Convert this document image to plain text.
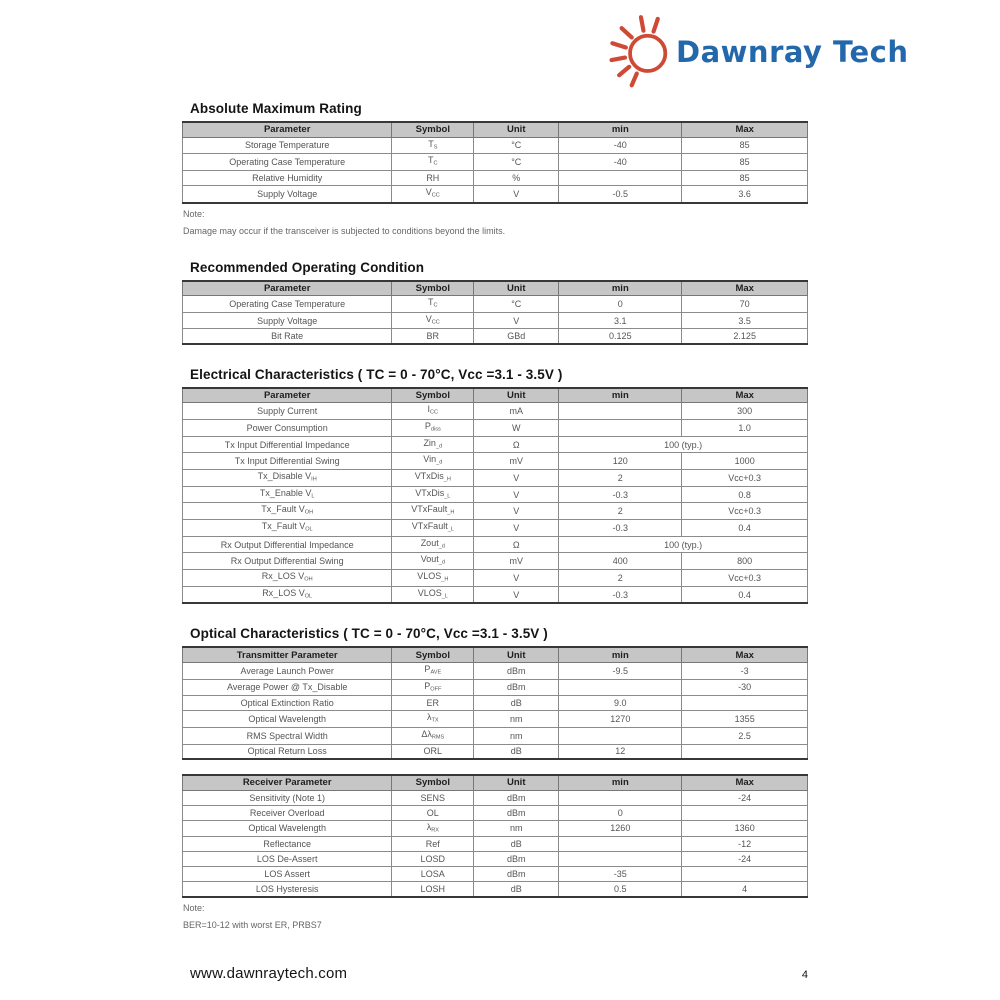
Dawnray Tech
Absolute Maximum Rating
Parameter	Symbol	Unit	min	Max
Storage Temperature	$T_S$	°C	-40	85
Operating Case Temperature	$T_C$	°C	-40	85
Relative Humidity	RH	%		85
Supply Voltage	$V_{CC}$	V	-0.5	3.6

Note:

Damage may occur if the transceiver is subjected to conditions beyond the limits.

Recommended Operating Condition
Parameter	Symbol	Unit	min	Max
Operating Case Temperature	$T_C$	°C	0	70
Supply Voltage	$V_{CC}$	V	3.1	3.5
Bit Rate	BR	GBd	0.125	2.125
Electrical Characteristics ( TC = 0 - 70°C, Vcc =3.1 - 3.5V )
Parameter	Symbol	Unit	min	Max
Supply Current	$I_{CC}$	mA		300
Power Consumption	$P_{diss}$	W		1.0
Tx Input Differential Impedance	Zin$_{\_d}$	Ω	100 (typ.)	
Tx Input Differential Swing	Vin$_{\_d}$	mV	120	1000
Tx_Disable $V_{IH}$	VTxDis$_{\_H}$	V	2	Vcc+0.3
Tx_Enable $V_L$	VTxDis$_{\_L}$	V	-0.3	0.8
Tx_Fault $V_{OH}$	VTxFault$_{\_H}$	V	2	Vcc+0.3
Tx_Fault $V_{OL}$	VTxFault$_{\_L}$	V	-0.3	0.4
Rx Output Differential Impedance	Zout$_{\_d}$	Ω	100 (typ.)	
Rx Output Differential Swing	Vout$_{\_d}$	mV	400	800
Rx_LOS $V_{OH}$	$VLOS_{\_H}$	V	2	Vcc+0.3
Rx_LOS $V_{OL}$	$VLOS_{\_L}$	V	-0.3	0.4
Optical Characteristics ( TC = 0 - 70°C, Vcc =3.1 - 3.5V )
Transmitter Parameter	Symbol	Unit	min	Max
Average Launch Power	$P_{AVE}$	dBm	-9.5	-3
Average Power @ Tx_Disable	$P_{OFF}$	dBm		-30
Optical Extinction Ratio	ER	dB	9.0	
Optical Wavelength	$\lambda_{TX}$	nm	1270	1355
RMS Spectral Width	$\Delta\lambda_{RMS}$	nm		2.5
Optical Return Loss	ORL	dB	12	
Receiver Parameter	Symbol	Unit	min	Max
Sensitivity (Note 1)	SENS	dBm		-24
Receiver Overload	OL	dBm	0	
Optical Wavelength	$\lambda_{RX}$	nm	1260	1360
Reflectance	Ref	dB		-12
LOS De-Assert	LOSD	dBm		-24
LOS Assert	LOSA	dBm	-35	
LOS Hysteresis	LOSH	dB	0.5	4

Note:

BER=10-12 with worst ER, PRBS7

www.dawnraytech.com	4
